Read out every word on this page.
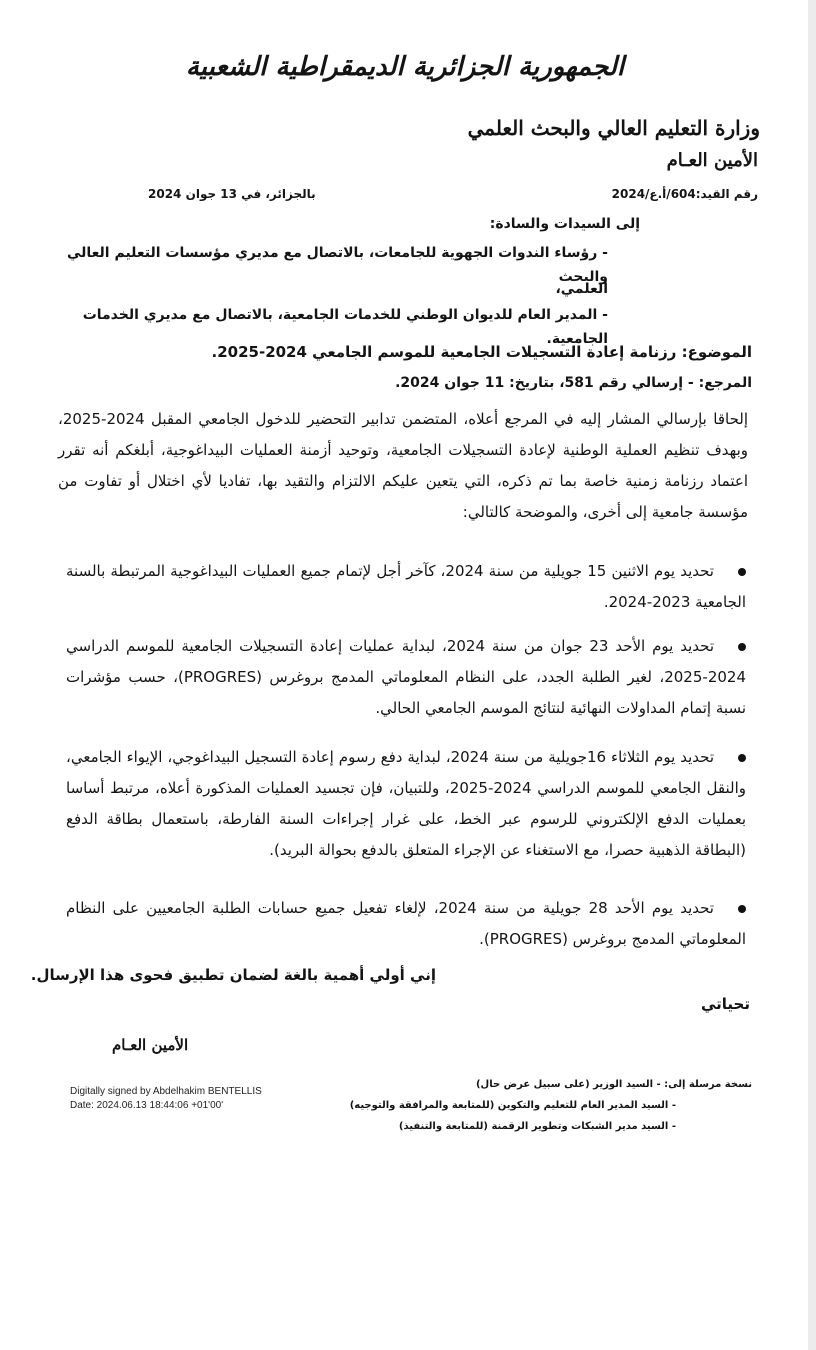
الجمهورية الجزائرية الديمقراطية الشعبية
وزارة التعليم العالي والبحث العلمي
الأمين العـام
رقم القيد:604/أ.ع/2024
بالجزائر، في 13 جوان 2024
إلى السيدات والسادة:
- رؤساء الندوات الجهوية للجامعات، بالاتصال مع مديري مؤسسات التعليم العالي والبحث
العلمي،
- المدير العام للديوان الوطني للخدمات الجامعية، بالاتصال مع مديري الخدمات الجامعية.
الموضوع: رزنامة إعادة التسجيلات الجامعية للموسم الجامعي 2024-2025.
المرجع: - إرسالي رقم 581، بتاريخ: 11 جوان 2024.
إلحاقا بإرسالي المشار إليه في المرجع أعلاه، المتضمن تدابير التحضير للدخول الجامعي المقبل 2024-2025، وبهدف تنظيم العملية الوطنية لإعادة التسجيلات الجامعية، وتوحيد أزمنة العمليات البيداغوجية، أبلغكم أنه تقرر اعتماد رزنامة زمنية خاصة بما تم ذكره، التي يتعين عليكم الالتزام والتقيد بها، تفاديا لأي اختلال أو تفاوت من مؤسسة جامعية إلى أخرى، والموضحة كالتالي:
تحديد يوم الاثنين 15 جويلية من سنة 2024، كآخر أجل لإتمام جميع العمليات البيداغوجية المرتبطة بالسنة الجامعية 2023-2024.
تحديد يوم الأحد 23 جوان من سنة 2024، لبداية عمليات إعادة التسجيلات الجامعية للموسم الدراسي 2024-2025، لغير الطلبة الجدد، على النظام المعلوماتي المدمج بروغرس (PROGRES)، حسب مؤشرات نسبة إتمام المداولات النهائية لنتائج الموسم الجامعي الحالي.
تحديد يوم الثلاثاء 16جويلية من سنة 2024، لبداية دفع رسوم إعادة التسجيل البيداغوجي، الإيواء الجامعي، والنقل الجامعي للموسم الدراسي 2024-2025، وللتبيان، فإن تجسيد العمليات المذكورة أعلاه، مرتبط أساسا بعمليات الدفع الإلكتروني للرسوم عبر الخط، على غرار إجراءات السنة الفارطة، باستعمال بطاقة الدفع (البطاقة الذهبية حصرا، مع الاستغناء عن الإجراء المتعلق بالدفع بحوالة البريد).
تحديد يوم الأحد 28 جويلية من سنة 2024، لإلغاء تفعيل جميع حسابات الطلبة الجامعيين على النظام المعلوماتي المدمج بروغرس (PROGRES).
إني أولي أهمية بالغة لضمان تطبيق فحوى هذا الإرسال.
تحياتي
الأمين العـام
Digitally signed by Abdelhakim BENTELLIS
Date: 2024.06.13 18:44:06 +01'00'
نسخة مرسلة إلى: - السيد الوزير (على سبيل عرض حال)
- السيد المدير العام للتعليم والتكوين (للمتابعة والمرافقة والتوجيه)
- السيد مدير الشبكات وتطوير الرقمنة (للمتابعة والتنفيذ)
